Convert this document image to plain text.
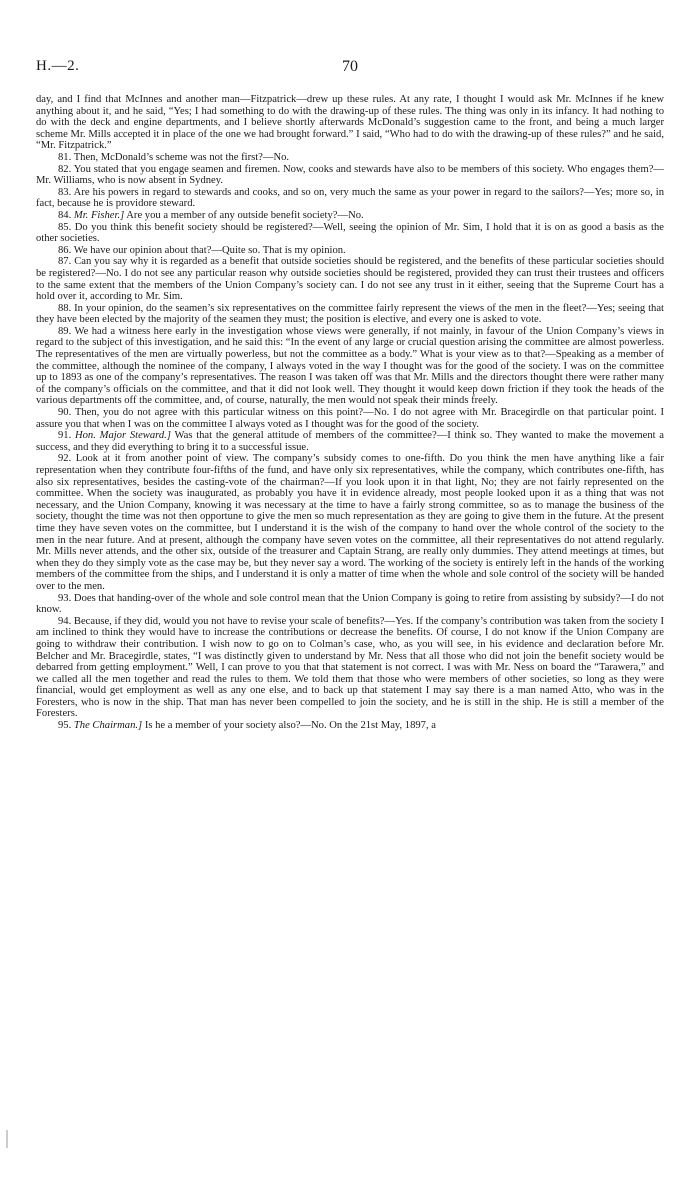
H.—2.	70

day, and I find that McInnes and another man—Fitzpatrick—drew up these rules. At any rate, I thought I would ask Mr. McInnes if he knew anything about it, and he said, “Yes; I had something to do with the drawing-up of these rules. The thing was only in its infancy. It had nothing to do with the deck and engine departments, and I believe shortly afterwards McDonald’s suggestion came to the front, and being a much larger scheme Mr. Mills accepted it in place of the one we had brought forward.” I said, “Who had to do with the drawing-up of these rules?” and he said, “Mr. Fitzpatrick.”

81. Then, McDonald’s scheme was not the first?—No.

82. You stated that you engage seamen and firemen. Now, cooks and stewards have also to be members of this society. Who engages them?—Mr. Williams, who is now absent in Sydney.

83. Are his powers in regard to stewards and cooks, and so on, very much the same as your power in regard to the sailors?—Yes; more so, in fact, because he is providore steward.

84. Mr. Fisher.] Are you a member of any outside benefit society?—No.

85. Do you think this benefit society should be registered?—Well, seeing the opinion of Mr. Sim, I hold that it is on as good a basis as the other societies.

86. We have our opinion about that?—Quite so. That is my opinion.

87. Can you say why it is regarded as a benefit that outside societies should be registered, and the benefits of these particular societies should be registered?—No. I do not see any particular reason why outside societies should be registered, provided they can trust their trustees and officers to the same extent that the members of the Union Company’s society can. I do not see any trust in it either, seeing that the Supreme Court has a hold over it, according to Mr. Sim.

88. In your opinion, do the seamen’s six representatives on the committee fairly represent the views of the men in the fleet?—Yes; seeing that they have been elected by the majority of the seamen they must; the position is elective, and every one is asked to vote.

89. We had a witness here early in the investigation whose views were generally, if not mainly, in favour of the Union Company’s views in regard to the subject of this investigation, and he said this: “In the event of any large or crucial question arising the committee are almost powerless. The representatives of the men are virtually powerless, but not the committee as a body.” What is your view as to that?—Speaking as a member of the committee, although the nominee of the company, I always voted in the way I thought was for the good of the society. I was on the committee up to 1893 as one of the company’s representatives. The reason I was taken off was that Mr. Mills and the directors thought there were rather many of the company’s officials on the committee, and that it did not look well. They thought it would keep down friction if they took the heads of the various departments off the committee, and, of course, naturally, the men would not speak their minds freely.

90. Then, you do not agree with this particular witness on this point?—No. I do not agree with Mr. Bracegirdle on that particular point. I assure you that when I was on the committee I always voted as I thought was for the good of the society.

91. Hon. Major Steward.] Was that the general attitude of members of the committee?—I think so. They wanted to make the movement a success, and they did everything to bring it to a successful issue.

92. Look at it from another point of view. The company’s subsidy comes to one-fifth. Do you think the men have anything like a fair representation when they contribute four-fifths of the fund, and have only six representatives, while the company, which contributes one-fifth, has also six representatives, besides the casting-vote of the chairman?—If you look upon it in that light, No; they are not fairly represented on the committee. When the society was inaugurated, as probably you have it in evidence already, most people looked upon it as a thing that was not necessary, and the Union Company, knowing it was necessary at the time to have a fairly strong committee, so as to manage the business of the society, thought the time was not then opportune to give the men so much representation as they are going to give them in the future. At the present time they have seven votes on the committee, but I understand it is the wish of the company to hand over the whole control of the society to the men in the near future. And at present, although the company have seven votes on the committee, all their representatives do not attend regularly. Mr. Mills never attends, and the other six, outside of the treasurer and Captain Strang, are really only dummies. They attend meetings at times, but when they do they simply vote as the case may be, but they never say a word. The working of the society is entirely left in the hands of the working members of the committee from the ships, and I understand it is only a matter of time when the whole and sole control of the society will be handed over to the men.

93. Does that handing-over of the whole and sole control mean that the Union Company is going to retire from assisting by subsidy?—I do not know.

94. Because, if they did, would you not have to revise your scale of benefits?—Yes. If the company’s contribution was taken from the society I am inclined to think they would have to increase the contributions or decrease the benefits. Of course, I do not know if the Union Company are going to withdraw their contribution. I wish now to go on to Colman’s case, who, as you will see, in his evidence and declaration before Mr. Belcher and Mr. Bracegirdle, states, “I was distinctly given to understand by Mr. Ness that all those who did not join the benefit society would be debarred from getting employment.” Well, I can prove to you that that statement is not correct. I was with Mr. Ness on board the “Tarawera,” and we called all the men together and read the rules to them. We told them that those who were members of other societies, so long as they were financial, would get employment as well as any one else, and to back up that statement I may say there is a man named Atto, who was in the Foresters, who is now in the ship. That man has never been compelled to join the society, and he is still in the ship. He is still a member of the Foresters.

95. The Chairman.] Is he a member of your society also?—No. On the 21st May, 1897, a
